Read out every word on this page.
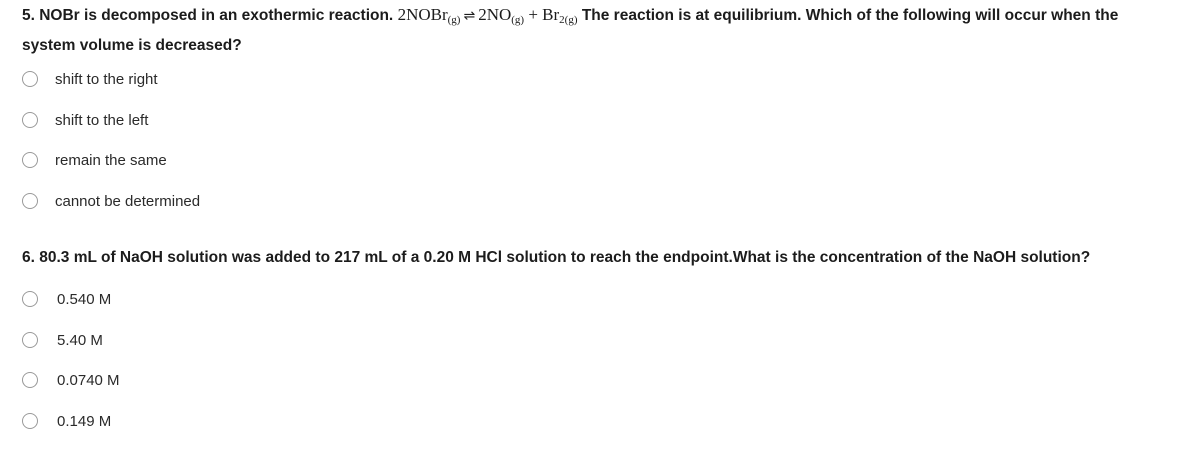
5. NOBr is decomposed in an exothermic reaction. 2NOBr$_{(g)}$ ⇌ $2NO_{(g)} + Br_{2(g)}$ The reaction is at equilibrium. Which of the following will occur when the system volume is decreased?
shift to the right
shift to the left
remain the same
cannot be determined
6. 80.3 mL of NaOH solution was added to 217 mL of a 0.20 M HCl solution to reach the endpoint.What is the concentration of the NaOH solution?
0.540 M
5.40 M
0.0740 M
0.149 M
